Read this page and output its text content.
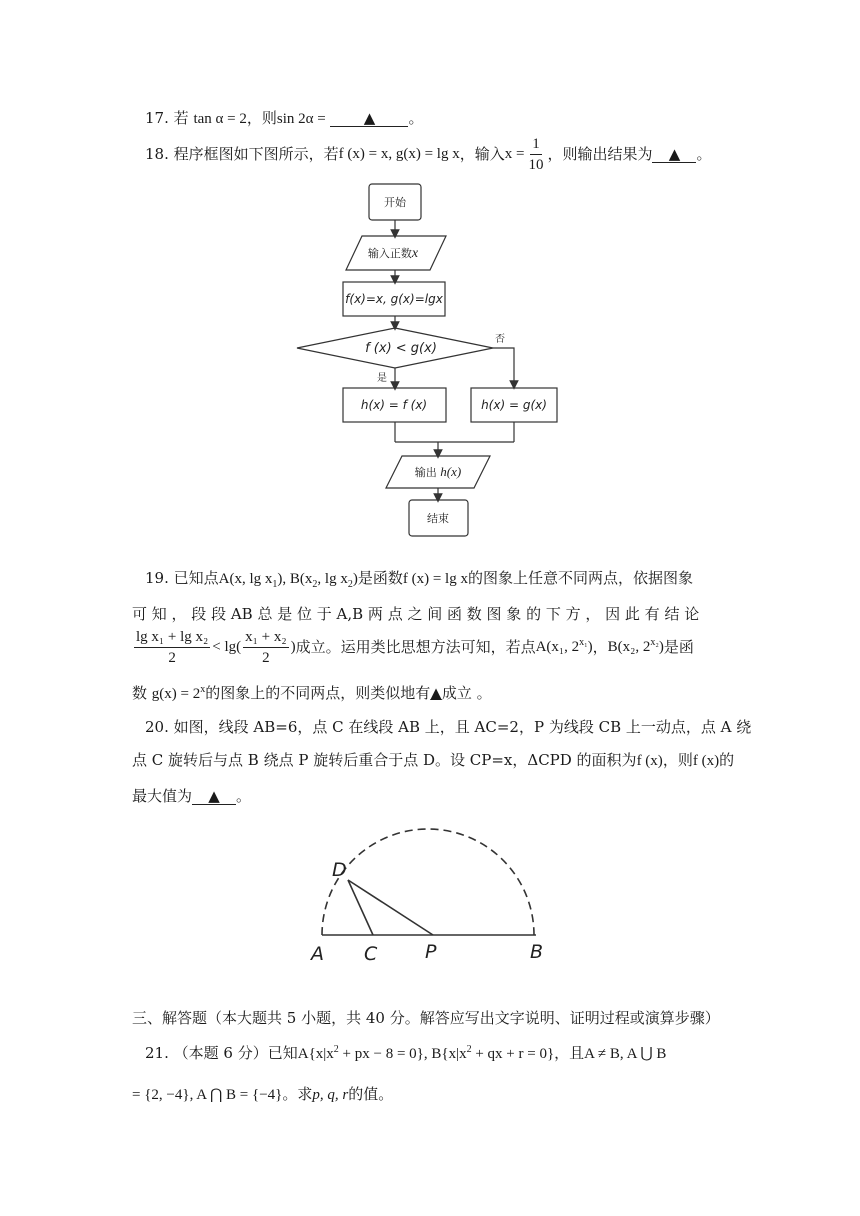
17. 若 tan α = 2，则sin 2α =	▲ 。
18.
程序框图如下图所示，若 f (x) = x, g(x) = lg x ，输入 $x = \frac{1}{10}$ ，则输出结果为	▲	。
开始
输入正数x
f(x)=x, g(x)=lgx
f (x) < g(x)
是
否
h(x) = f (x)	h(x) = g(x)
输出 h(x)
结束
19. 已知点A(x, $\lg x_1$), $B(x_2$, $\lg x_2$)是函数f (x) = lg x的图象上任意不同两点，依据图象
可 知 ， 段 段 AB 总 是 位 于 A,B 两 点 之 间 函 数 图 象 的 下 方 ， 因 此 有 结 论
$\frac{\text{lg x₁ + lg x₂}}{2} < \lg( \frac{\text{x₁ + x₂}}{2}$ ) 成立。运用类比思想方法可知，若点 A(x₁, $2^{x_1}$) ， B(x₂, $2^{x_2}$) 是函
数 $g(x) = 2^x$的图象上的不同两点，则类似地有▲成立 。
20. 如图，线段 AB=6，点 C 在线段 AB 上，且 AC=2，P 为线段 CB 上一动点，点 A 绕
点 C 旋转后与点 B 绕点 P 旋转后重合于点 D。设 CP=x，ΔCPD 的面积为f (x)，则f (x)的
最大值为 ▲ 。
D
A C	P	B
三、解答题（本大题共 5 小题，共 40 分。解答应写出文字说明、证明过程或演算步骤）
21. （本题 6 分）已知$A\{x|x^2$ + px − 8 = 0}, $B\{x|x^2$ + qx + r = 0}，且A ≠ B, A ⋃ B
= {2, −4}, A ⋂ B = {−4}。求p, q, r的值。
